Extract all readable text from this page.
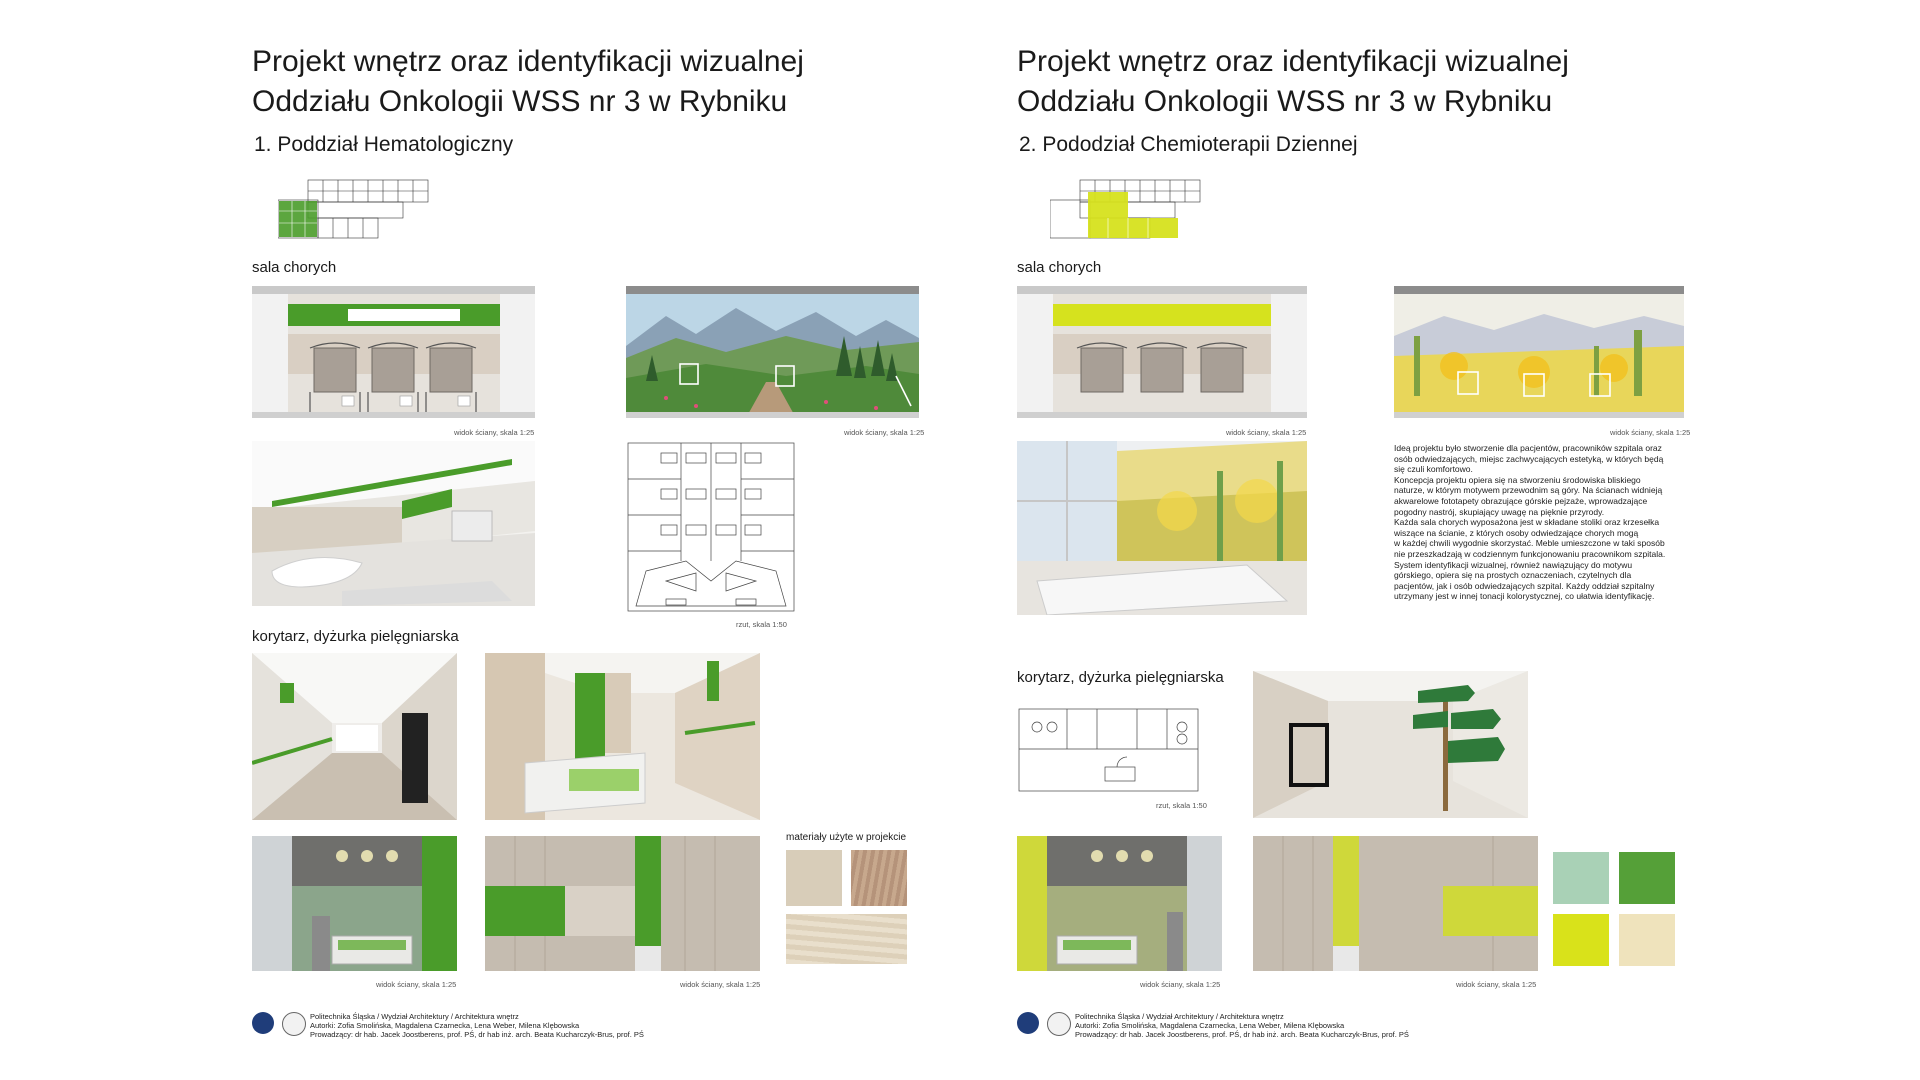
Projekt wnętrz oraz identyfikacji wizualnej
Oddziału Onkologii WSS nr 3 w Rybniku
1. Poddział Hematologiczny
sala chorych
widok ściany, skala 1:25	widok ściany, skala 1:25
rzut, skala 1:50
korytarz, dyżurka pielęgniarska
widok ściany, skala 1:25	widok ściany, skala 1:25
materiały użyte w projekcie
Politechnika Śląska / Wydział Architektury / Architektura wnętrz
Autorki: Zofia Smolińska, Magdalena Czarnecka, Lena Weber, Milena Klębowska
Prowadzący: dr hab. Jacek Joostberens, prof. PŚ, dr hab inż. arch. Beata Kucharczyk-Brus, prof. PŚ
Projekt wnętrz oraz identyfikacji wizualnej
Oddziału Onkologii WSS nr 3 w Rybniku
2. Pododział Chemioterapii Dziennej
sala chorych
widok ściany, skala 1:25	widok ściany, skala 1:25
Ideą projektu było stworzenie dla pacjentów, pracowników szpitala oraz
osób odwiedzających, miejsc zachwycających estetyką, w których będą
się czuli komfortowo.
Koncepcja projektu opiera się na stworzeniu środowiska bliskiego
naturze, w którym motywem przewodnim są góry. Na ścianach widnieją
akwarelowe fototapety obrazujące górskie pejzaże, wprowadzające
pogodny nastrój, skupiający uwagę na pięknie przyrody.
Każda sala chorych wyposażona jest w składane stoliki oraz krzesełka
wiszące na ścianie, z których osoby odwiedzające chorych mogą
w każdej chwili wygodnie skorzystać. Meble umieszczone w taki sposób
nie przeszkadzają w codziennym funkcjonowaniu pracownikom szpitala.
System identyfikacji wizualnej, również nawiązujący do motywu
górskiego, opiera się na prostych oznaczeniach, czytelnych dla
pacjentów, jak i osób odwiedzających szpital. Każdy oddział szpitalny
utrzymany jest w innej tonacji kolorystycznej, co ułatwia identyfikację.
korytarz, dyżurka pielęgniarska
rzut, skala 1:50
widok ściany, skala 1:25	widok ściany, skala 1:25
Politechnika Śląska / Wydział Architektury / Architektura wnętrz
Autorki: Zofia Smolińska, Magdalena Czarnecka, Lena Weber, Milena Klębowska
Prowadzący: dr hab. Jacek Joostberens, prof. PŚ, dr hab inż. arch. Beata Kucharczyk-Brus, prof. PŚ
